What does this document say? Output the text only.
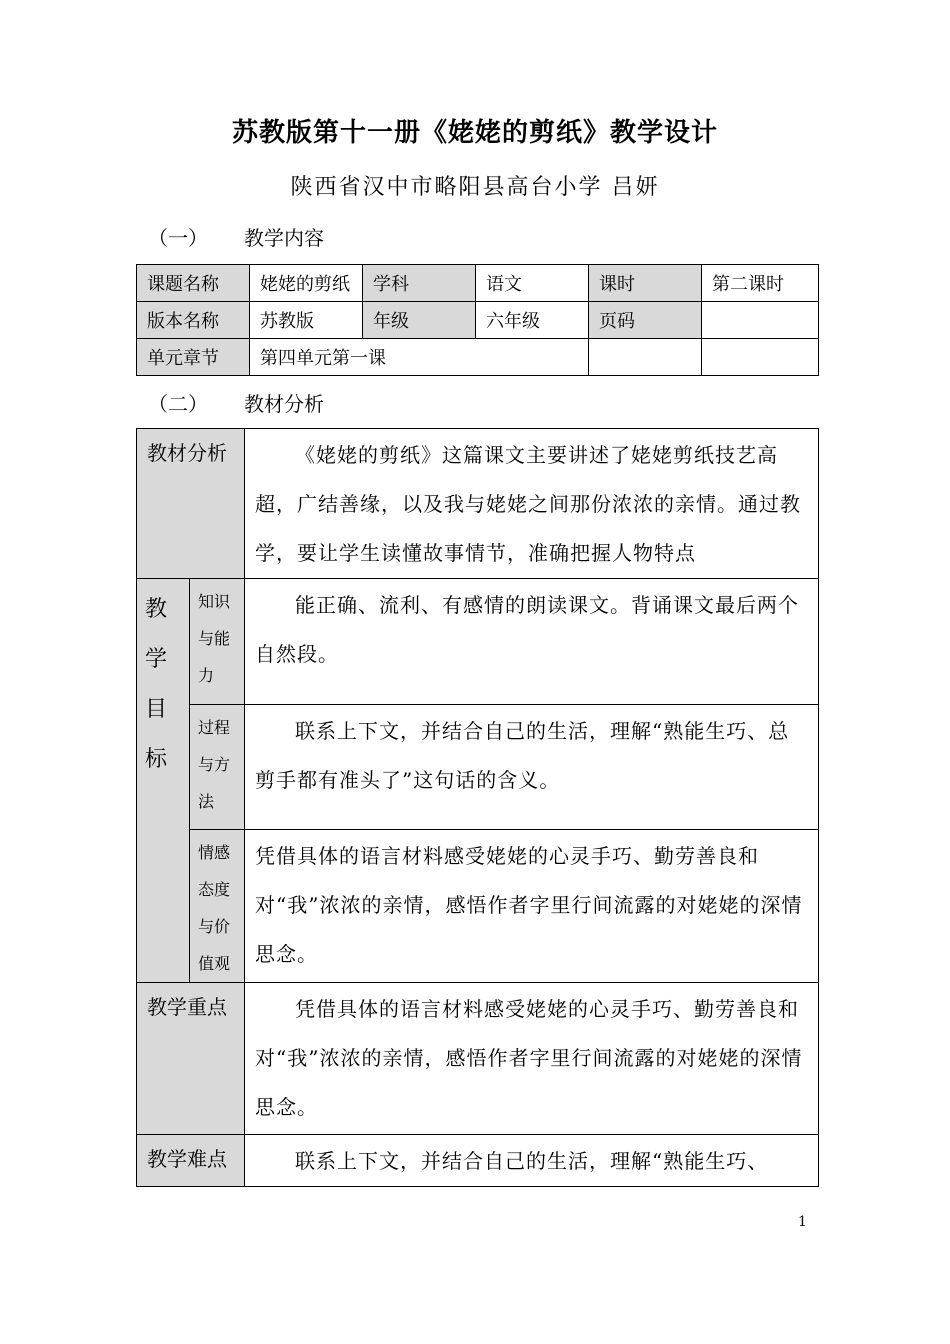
苏教版第十一册《姥姥的剪纸》教学设计
陕西省汉中市略阳县高台小学 吕妍
（一） 教学内容
课题名称	姥姥的剪纸	学科	语文	课时	第二课时
版本名称	苏教版	年级	六年级	页码	
单元章节	第四单元第一课				
（二） 教材分析
教材分析		《姥姥的剪纸》这篇课文主要讲述了姥姥剪纸技艺高超，广结善缘，以及我与姥姥之间那份浓浓的亲情。通过教学，要让学生读懂故事情节，准确把握人物特点

教学目标	知识与能力	能正确、流利、有感情的朗读课文。背诵课文最后两个自然段。

	过程与方法	联系上下文，并结合自己的生活，理解“熟能生巧、总剪手都有准头了”这句话的含义。

	情感态度与价值观	凭借具体的语言材料感受姥姥的心灵手巧、勤劳善良和对“我”浓浓的亲情，感悟作者字里行间流露的对姥姥的深情思念。
教学重点		凭借具体的语言材料感受姥姥的心灵手巧、勤劳善良和对“我”浓浓的亲情，感悟作者字里行间流露的对姥姥的深情思念。
教学难点		联系上下文，并结合自己的生活，理解“熟能生巧、
1
